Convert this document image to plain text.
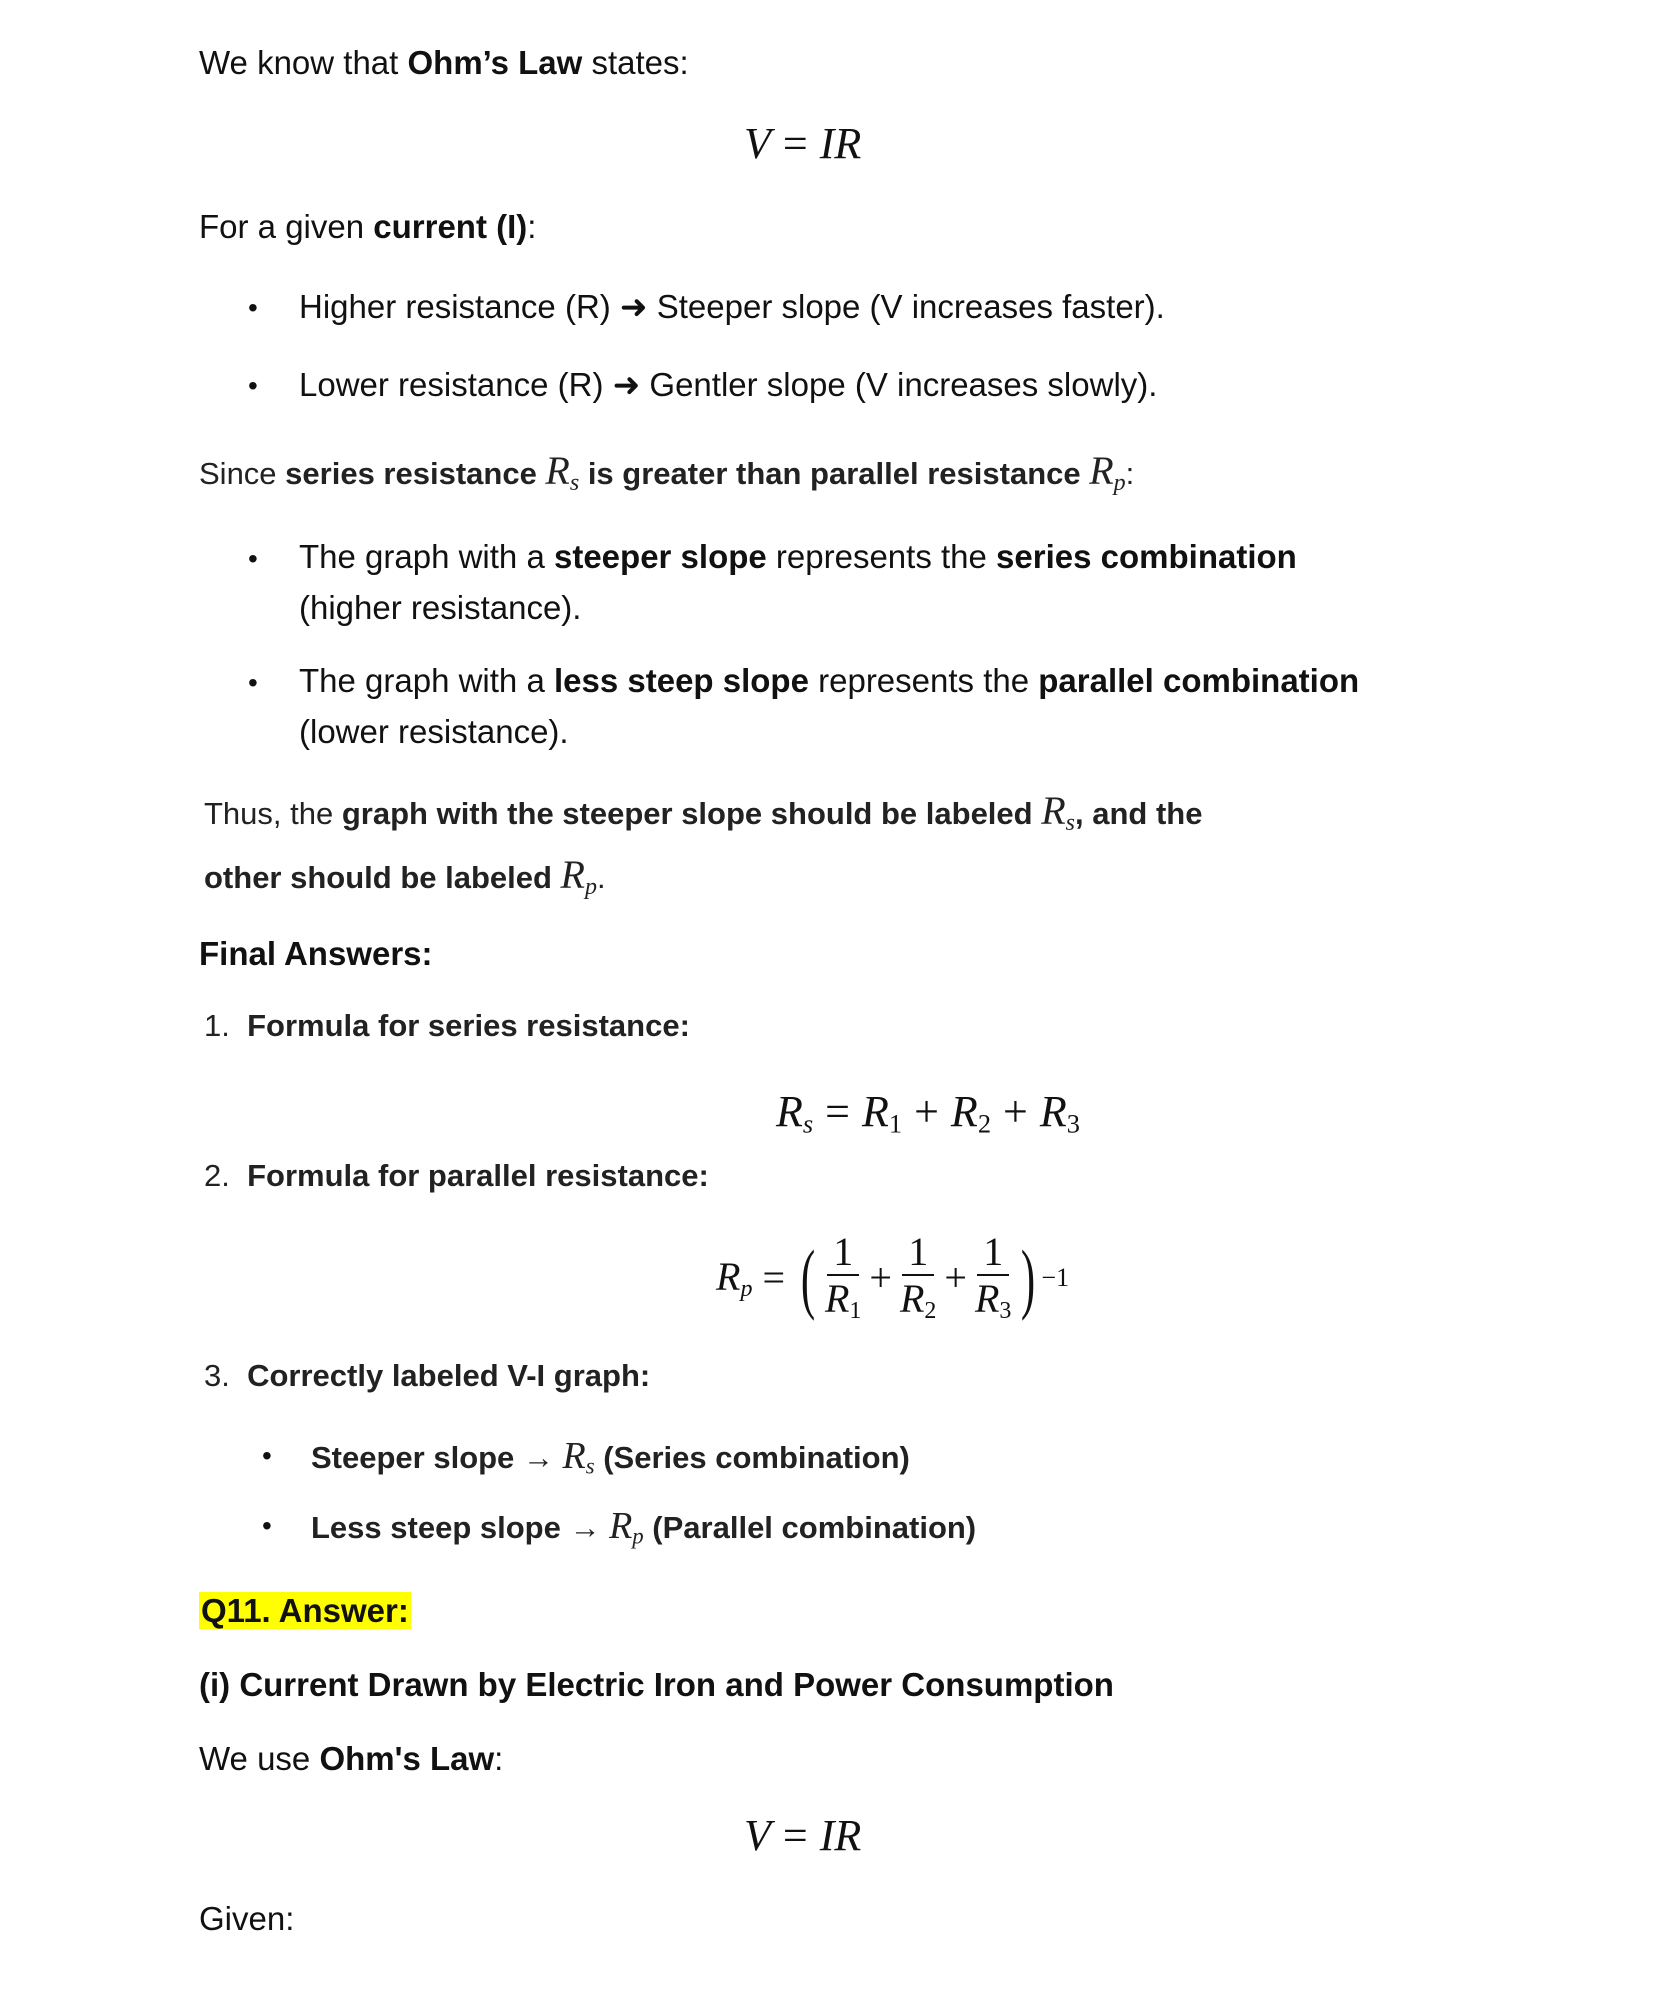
We know that Ohm’s Law states:
V = IR
For a given current (I):
• Higher resistance (R) ➜ Steeper slope (V increases faster).
• Lower resistance (R) ➜ Gentler slope (V increases slowly).
Since series resistance $R_s$ is greater than parallel resistance $R_p$:
• The graph with a steeper slope represents the series combination
(higher resistance).
• The graph with a less steep slope represents the parallel combination
(lower resistance).
Thus, the graph with the steeper slope should be labeled $R_s$, and the
other should be labeled $R_p$.
Final Answers:
1. Formula for series resistance:
$R_s = R_1 + R_2 + R_3$
2. Formula for parallel resistance:
$R_p$ = ( $\frac{1}{R_1} + \frac{1}{R_2} + \frac{1}{R_3}$ ) −1
3. Correctly labeled V-I graph:
• Steeper slope → $R_s$ (Series combination)
• Less steep slope → $R_p$ (Parallel combination)
Q11. Answer:
(i) Current Drawn by Electric Iron and Power Consumption
We use Ohm's Law:
V = IR
Given:
